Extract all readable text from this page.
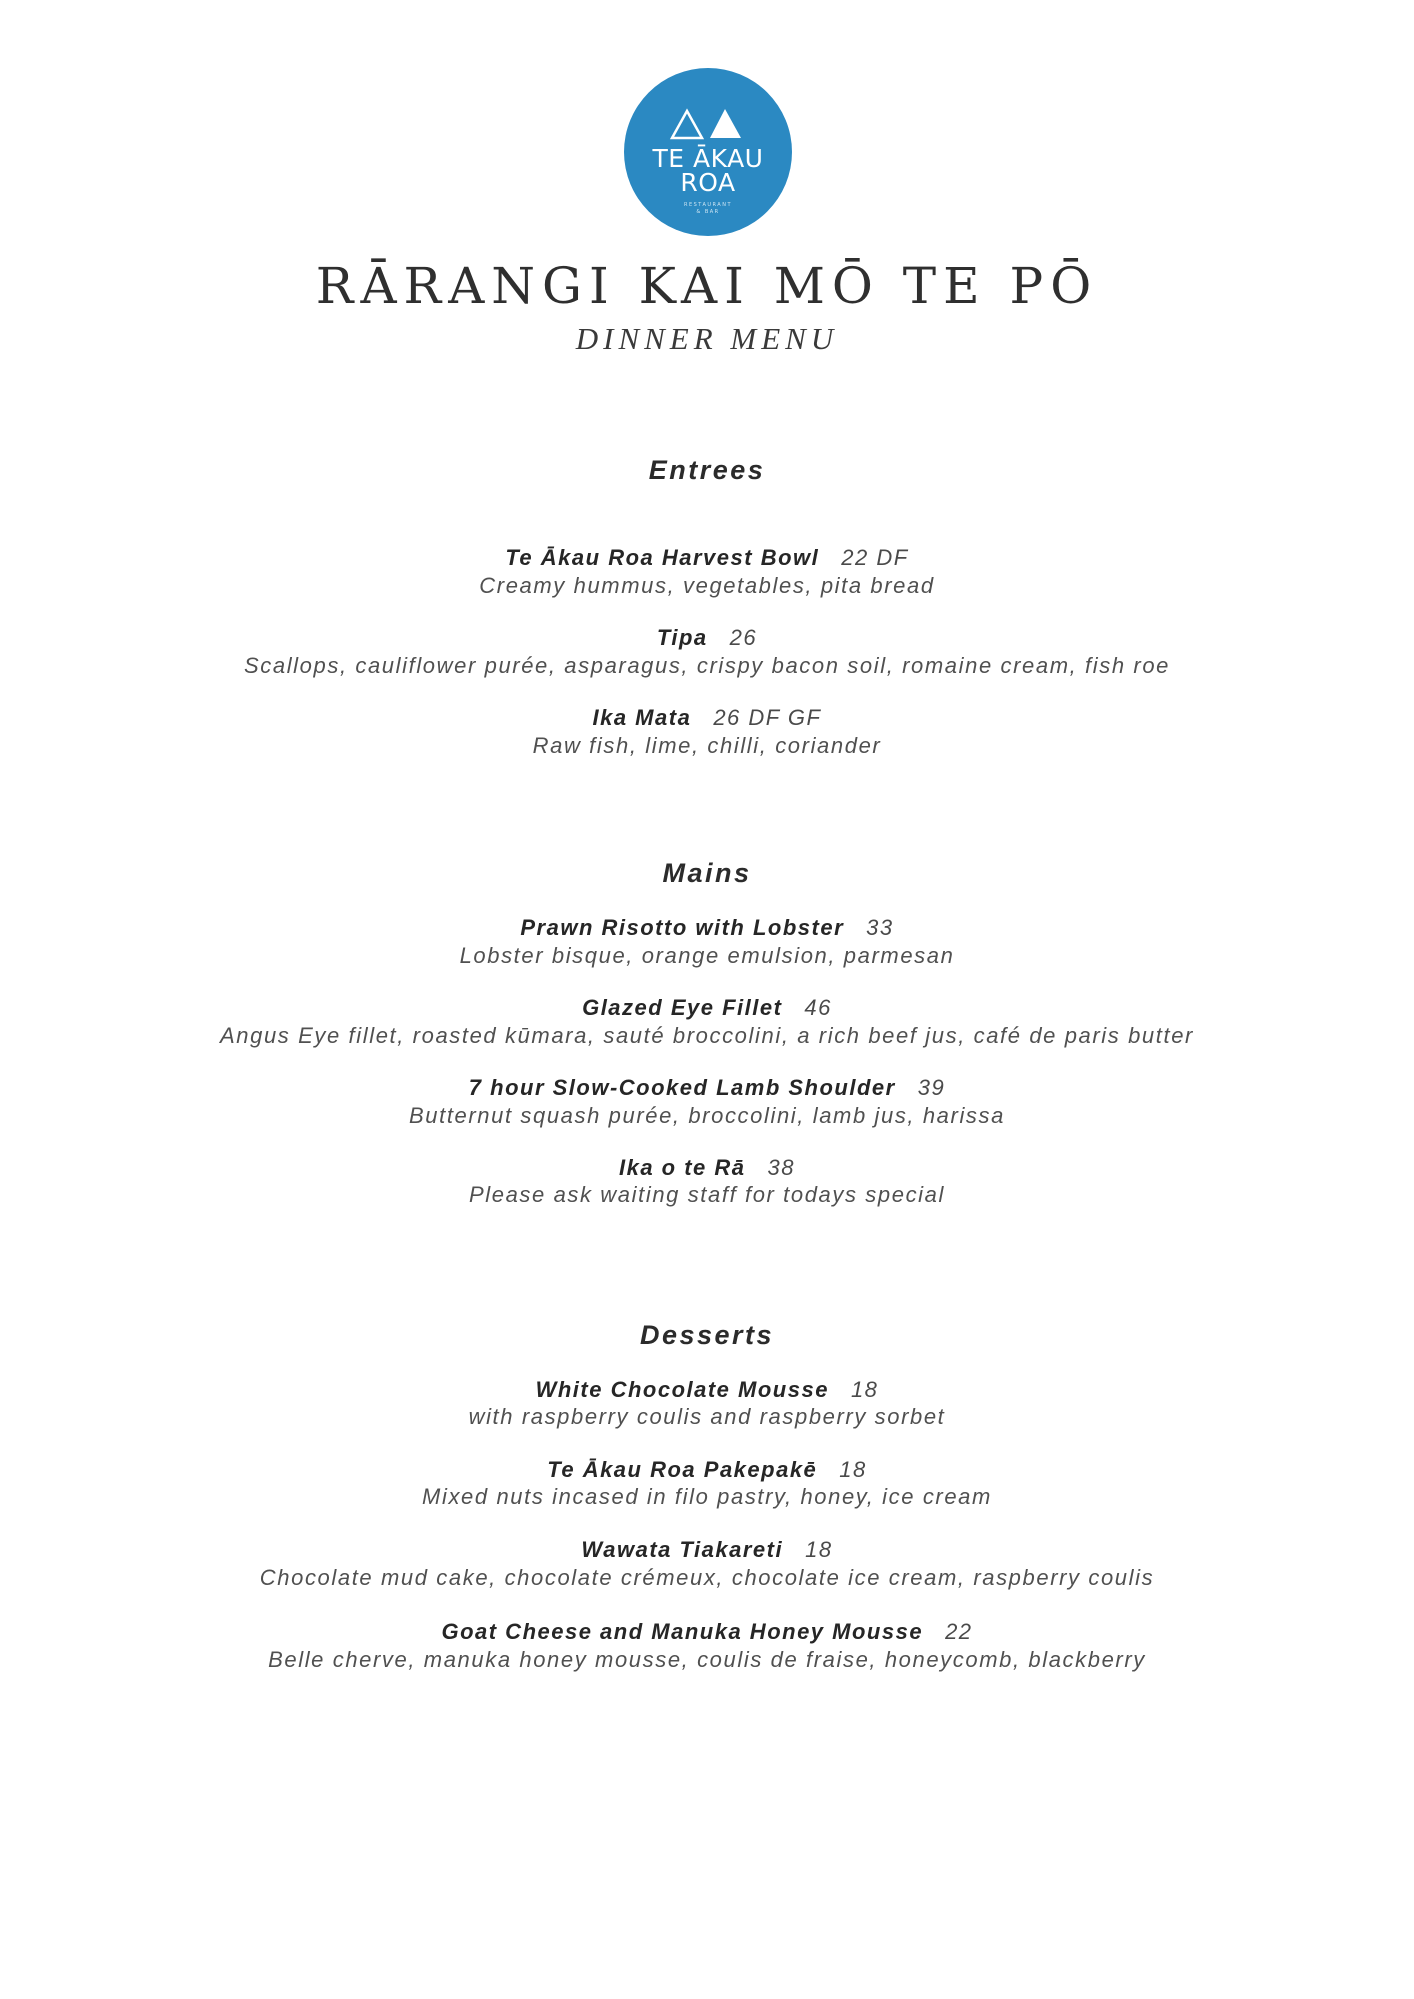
TE ĀKAU
ROA
RESTAURANT
& BAR
RĀRANGI KAI MŌ TE PŌ
DINNER MENU
Entrees
Te Ākau Roa Harvest Bowl 22 DF
Creamy hummus, vegetables, pita bread
Tipa 26
Scallops, cauliflower purée, asparagus, crispy bacon soil, romaine cream, fish roe
Ika Mata 26 DF GF
Raw fish, lime, chilli, coriander
Mains
Prawn Risotto with Lobster 33
Lobster bisque, orange emulsion, parmesan
Glazed Eye Fillet 46
Angus Eye fillet, roasted kūmara, sauté broccolini, a rich beef jus, café de paris butter
7 hour Slow-Cooked Lamb Shoulder 39
Butternut squash purée, broccolini, lamb jus, harissa
Ika o te Rā 38
Please ask waiting staff for todays special
Desserts
White Chocolate Mousse 18
with raspberry coulis and raspberry sorbet
Te Ākau Roa Pakepakē 18
Mixed nuts incased in filo pastry, honey, ice cream
Wawata Tiakareti 18
Chocolate mud cake, chocolate crémeux, chocolate ice cream, raspberry coulis
Goat Cheese and Manuka Honey Mousse 22
Belle cherve, manuka honey mousse, coulis de fraise, honeycomb, blackberry
